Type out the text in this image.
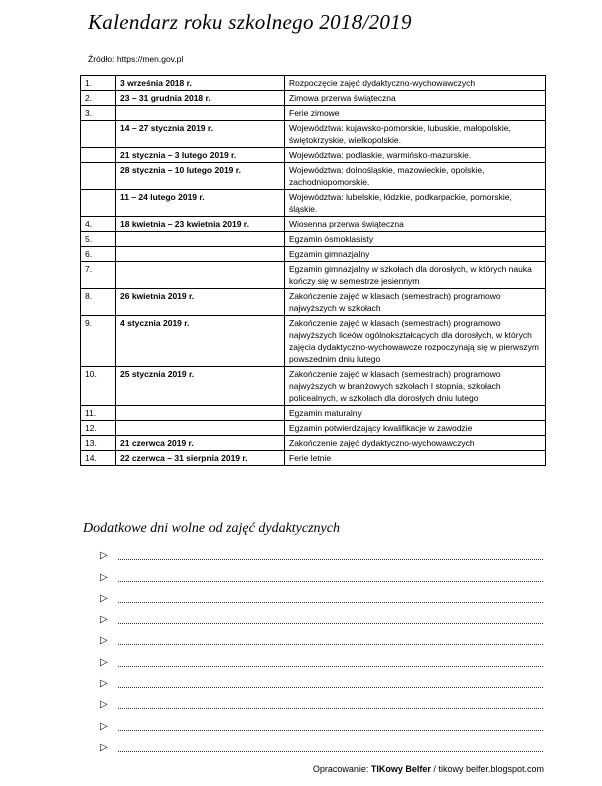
Kalendarz roku szkolnego 2018/2019
Źródło: https://men.gov.pl
1.	3 września 2018 r.	Rozpoczęcie zajęć dydaktyczno-wychowawczych
2.	23 – 31 grudnia 2018 r.	Zimowa przerwa świąteczna
3.		Ferie zimowe
	14 – 27 stycznia 2019 r.	Województwa: kujawsko-pomorskie, lubuskie, małopolskie, świętokrzyskie, wielkopolskie.
	21 stycznia – 3 lutego 2019 r.	Województwa: podlaskie, warmińsko-mazurskie.
	28 stycznia – 10 lutego 2019 r.	Województwa: dolnośląskie, mazowieckie, opolskie, zachodniopomorskie.
	11 – 24 lutego 2019 r.	Województwa: lubelskie, łódzkie, podkarpackie, pomorskie, śląskie.
4.	18 kwietnia – 23 kwietnia 2019 r.	Wiosenna przerwa świąteczna
5.		Egzamin ósmoklasisty
6.		Egzamin gimnazjalny
7.		Egzamin gimnazjalny w szkołach dla dorosłych, w których nauka kończy się w semestrze jesiennym
8.	26 kwietnia 2019 r.	Zakończenie zajęć w klasach (semestrach) programowo najwyższych w szkołach
9.	4 stycznia 2019 r.	Zakończenie zajęć w klasach (semestrach) programowo najwyższych liceów ogólnokształcących dla dorosłych, w których zajęcia dydaktyczno-wychowawcze rozpoczynają się w pierwszym powszednim dniu lutego
10.	25 stycznia 2019 r.	Zakończenie zajęć w klasach (semestrach) programowo najwyższych w branżowych szkołach I stopnia, szkołach policealnych, w szkołach dla dorosłych dniu lutego
11.		Egzamin maturalny
12.		Egzamin potwierdzający kwalifikacje w zawodzie
13.	21 czerwca 2019 r.	Zakończenie zajęć dydaktyczno-wychowawczych
14.	22 czerwca – 31 sierpnia 2019 r.	Ferie letnie
Dodatkowe dni wolne od zajęć dydaktycznych
▷
▷
▷
▷
▷
▷
▷
▷
▷
▷
Opracowanie: TIKowy Belfer / tikowy belfer.blogspot.com
